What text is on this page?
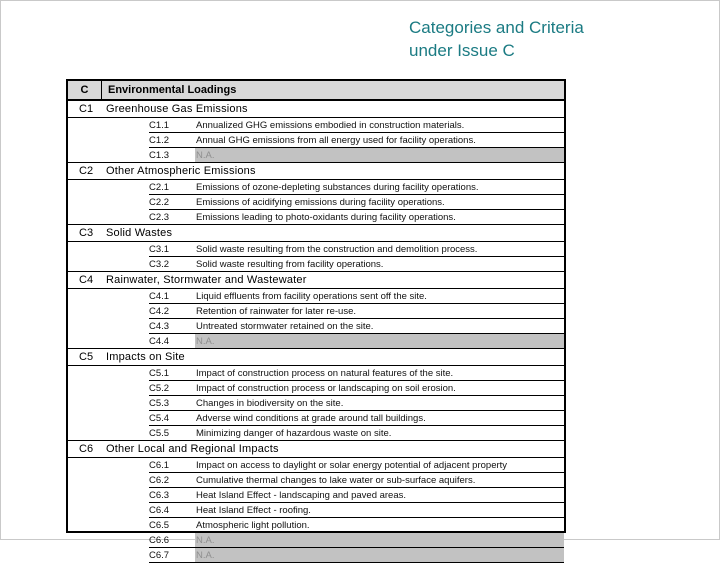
Categories and Criteria
under Issue C
C	Environmental Loadings
C1	Greenhouse Gas Emissions
C1.1	Annualized GHG emissions embodied in construction materials.
C1.2	Annual GHG emissions from all energy used for facility operations.
C1.3	N.A.
C2	Other Atmospheric Emissions
C2.1	Emissions of ozone-depleting substances during facility operations.
C2.2	Emissions of acidifying emissions during facility operations.
C2.3	Emissions leading to photo-oxidants during facility operations.
C3	Solid Wastes
C3.1	Solid waste resulting from the construction and demolition process.
C3.2	Solid waste resulting from facility operations.
C4	Rainwater, Stormwater and Wastewater
C4.1	Liquid effluents from facility operations sent off the site.
C4.2	Retention of rainwater for later re-use.
C4.3	Untreated stormwater retained on the site.
C4.4	N.A.
C5	Impacts on Site
C5.1	Impact of construction process on natural features of the site.
C5.2	Impact of construction process or landscaping on soil erosion.
C5.3	Changes in biodiversity on the site.
C5.4	Adverse wind conditions at grade around tall buildings.
C5.5	Minimizing danger of hazardous waste on site.
C6	Other Local and Regional Impacts
C6.1	Impact on access to daylight or solar energy potential of adjacent property
C6.2	Cumulative thermal changes to lake water or sub-surface aquifers.
C6.3	Heat Island Effect - landscaping and paved areas.
C6.4	Heat Island Effect - roofing.
C6.5	Atmospheric light pollution.
C6.6	N.A.
C6.7	N.A.
